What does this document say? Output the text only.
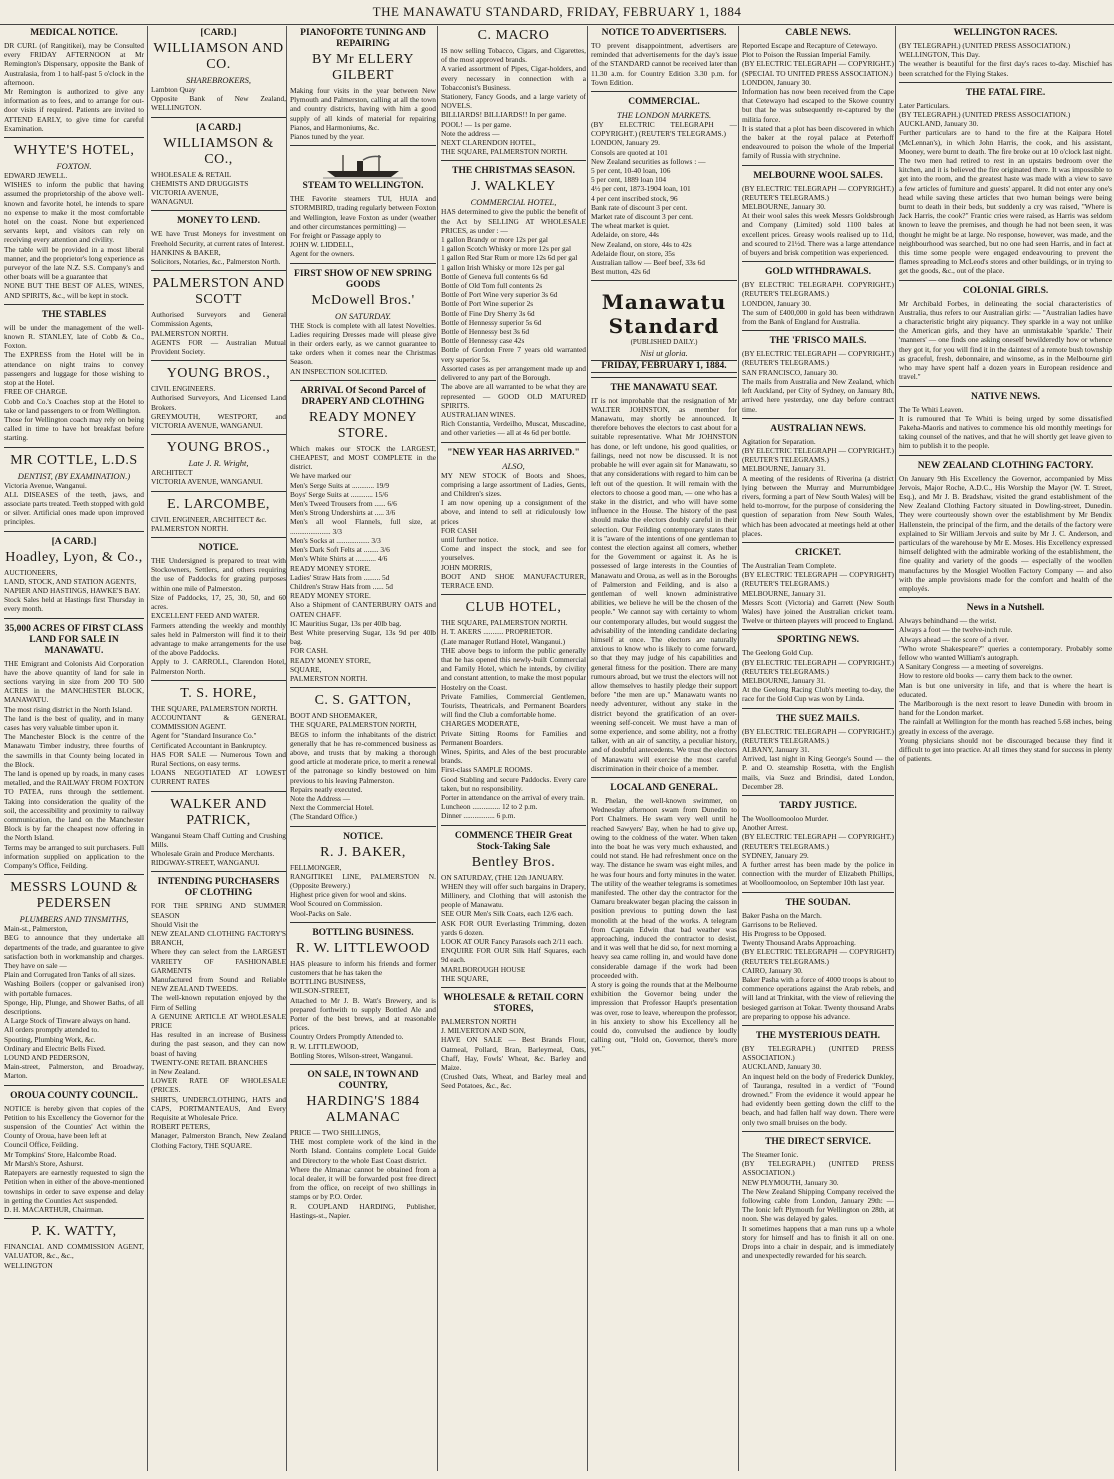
THE MANAWATU STANDARD, FRIDAY, FEBRUARY 1, 1884
MEDICAL NOTICE.
DR CURL (of Rangitikei), may be Consulted every FRIDAY AFTERNOON at Mr Remington's Dispensary, opposite the Bank of Australasia, from 1 to half-past 5 o'clock in the afternoon.
Mr Remington is authorized to give any information as to fees, and to arrange for out-door visits if required. Patients are invited to ATTEND EARLY, to give time for careful Examination.
WHYTE'S HOTEL,
FOXTON.
EDWARD JEWELL.
WISHES to inform the public that having assumed the proprietorship of the above well-known and favorite hotel, he intends to spare no expense to make it the most comfortable hotel on the coast. None but experienced servants kept, and visitors can rely on receiving every attention and civility.
The table will be provided in a most liberal manner, and the proprietor's long experience as purveyor of the late N.Z. S.S. Company's and other boats will be a guarantee that
NONE BUT THE BEST OF ALES, WINES, AND SPIRITS, &c., will be kept in stock.
THE STABLES
will be under the management of the well-known R. STANLEY, late of Cobb & Co., Foxton.
The EXPRESS from the Hotel will be in attendance on night trains to convey passengers and luggage for those wishing to stop at the Hotel.
FREE OF CHARGE.
Cobb and Co.'s Coaches stop at the Hotel to take or land passengers to or from Wellington.
Those for Wellington coach may rely on being called in time to have hot breakfast before starting.
MR COTTLE, L.D.S
DENTIST, (BY EXAMINATION.)
Victoria Avenue, Wanganui.
ALL DISEASES of the teeth, jaws, and associate parts treated. Teeth stopped with gold or silver. Artificial ones made upon improved principles.
[A CARD.]
Hoadley, Lyon, & Co.,
AUCTIONEERS,
LAND, STOCK, AND STATION AGENTS,
NAPIER AND HASTINGS, HAWKE'S BAY.
Stock Sales held at Hastings first Thursday in every month.
35,000 ACRES OF FIRST CLASS LAND FOR SALE IN MANAWATU.
THE Emigrant and Colonists Aid Corporation have the above quantity of land for sale in sections varying in size from 200 TO 500 ACRES in the MANCHESTER BLOCK, MANAWATU.
The most rising district in the North Island.
The land is the best of quality, and in many cases has very valuable timber upon it.
The Manchester Block is the centre of the Manawatu Timber industry, three fourths of the sawmills in that County being located in the Block.
The land is opened up by roads, in many cases metalled, and the RAILWAY FROM FOXTON TO PATEA, runs through the settlement. Taking into consideration the quality of the soil, the accessibility and proximity to railway communication, the land on the Manchester Block is by far the cheapest now offering in the North Island.
Terms may be arranged to suit purchasers. Full information supplied on application to the Company's Office, Feilding.
MESSRS LOUND & PEDERSEN
PLUMBERS AND TINSMITHS,
Main-st., Palmerston,
BEG to announce that they undertake all departments of the trade, and guarantee to give satisfaction both in workmanship and charges. They have on sale —
Plain and Corrugated Iron Tanks of all sizes.
Washing Boilers (copper or galvanised iron) with portable furnaces.
Sponge, Hip, Plunge, and Shower Baths, of all descriptions.
A Large Stock of Tinware always on hand.
All orders promptly attended to.
Spouting, Plumbing Work, &c.
Ordinary and Electric Bells Fixed.
LOUND AND PEDERSON,
Main-street, Palmerston, and Broadway, Marton.
OROUA COUNTY COUNCIL.
NOTICE is hereby given that copies of the Petition to his Excellency the Governor for the suspension of the Counties' Act within the County of Oroua, have been left at
Council Office, Feilding.
Mr Tompkins' Store, Halcombe Road.
Mr Marsh's Store, Ashurst.
Ratepayers are earnestly requested to sign the Petition when in either of the above-mentioned townships in order to save expense and delay in getting the Counties Act suspended.
D. H. MACARTHUR, Chairman.
P. K. WATTY,
FINANCIAL AND COMMISSION AGENT, VALUATOR, &c., &c.,
WELLINGTON
[CARD.]
WILLIAMSON AND CO.
SHAREBROKERS,
Lambton Quay
Opposite Bank of New Zealand, WELLINGTON.
[A CARD.]
WILLIAMSON & CO.,
WHOLESALE & RETAIL
CHEMISTS AND DRUGGISTS
VICTORIA AVENUE,
WANAGNUI.
MONEY TO LEND.
WE have Trust Moneys for investment on Freehold Security, at current rates of Interest.
HANKINS & BAKER,
Solicitors, Notaries, &c., Palmerston North.
PALMERSTON AND SCOTT
Authorised Surveyors and General Commission Agents,
PALMERSTON NORTH.
AGENTS FOR — Australian Mutual Provident Society.
YOUNG BROS.,
CIVIL ENGINEERS.
Authorised Surveyors, And Licensed Land Brokers.
GREYMOUTH, WESTPORT, and VICTORIA AVENUE, WANGANUI.
YOUNG BROS.,
Late J. R. Wright,
ARCHITECT
VICTORIA AVENUE, WANGANUI.
E. LARCOMBE,
CIVIL ENGINEER, ARCHITECT &c.
PALMERSTON NORTH.
NOTICE.
THE Undersigned is prepared to treat with Stockowners, Settlers, and others requiring the use of Paddocks for grazing purposes within one mile of Palmerston.
Size of Paddocks, 17, 25, 30, 50, and 60 acres.
EXCELLENT FEED AND WATER.
Farmers attending the weekly and monthly sales held in Palmerston will find it to their advantage to make arrangements for the use of the above Paddocks.
Apply to J. CARROLL, Clarendon Hotel, Palmerston North.
T. S. HORE,
THE SQUARE, PALMERSTON NORTH.
ACCOUNTANT & GENERAL COMMISSION AGENT.
Agent for "Standard Insurance Co."
Certificated Accountant in Bankruptcy.
HAS FOR SALE — Numerous Town and Rural Sections, on easy terms.
LOANS NEGOTIATED AT LOWEST CURRENT RATES
WALKER AND PATRICK,
Wanganui Steam Chaff Cutting and Crushing Mills.
Wholesale Grain and Produce Merchants.
RIDGWAY-STREET, WANGANUI.
INTENDING PURCHASERS OF CLOTHING
FOR THE SPRING AND SUMMER SEASON
Should Visit the
NEW ZEALAND CLOTHING FACTORY'S BRANCH,
Where they can select from the LARGEST VARIETY OF FASHIONABLE GARMENTS
Manufactured from Sound and Reliable NEW ZEALAND TWEEDS.
The well-known reputation enjoyed by the Firm of Selling
A GENUINE ARTICLE AT WHOLESALE PRICE
Has resulted in an increase of Business during the past season, and they can now boast of having
TWENTY-ONE RETAIL BRANCHES
in New Zealand.
LOWER RATE OF WHOLESALE (PRICES.
SHIRTS, UNDERCLOTHING, HATS and CAPS, PORTMANTEAUS, And Every Requisite at Wholesale Price.
ROBERT PETERS,
Manager, Palmerston Branch, New Zealand Clothing Factory, THE SQUARE.
PIANOFORTE TUNING AND REPAIRING
BY Mr ELLERY GILBERT
Making four visits in the year between New Plymouth and Palmerston, calling at all the town and country districts, having with him a good supply of all kinds of material for repairing Pianos, and Harmoniums, &c.
Pianos tuned by the year.
STEAM TO WELLINGTON.
THE Favorite steamers TUI, HUIA and STORMBIRD, trading regularly between Foxton and Wellington, leave Foxton as under (weather and other circumstances permitting) —
For freight or Passage apply to
JOHN W. LIDDELL,
Agent for the owners.
FIRST SHOW OF NEW SPRING GOODS
McDowell Bros.'
ON SATURDAY.
THE Stock is complete with all latest Novelties. Ladies requiring Dresses made will please give in their orders early, as we cannot guarantee to take orders when it comes near the Christmas Season.
AN INSPECTION SOLICITED.
ARRIVAL Of Second Parcel of DRAPERY AND CLOTHING
READY MONEY STORE.
Which makes our STOCK the LARGEST, CHEAPEST, and MOST COMPLETE in the district.
We have marked our
Men's Serge Suits at ............ 19/9
Boys' Serge Suits at ............ 15/6
Men's Tweed Trousers from ...... 6/6
Men's Strong Undershirts at ..... 3/6
Men's all wool Flannels, full size, at ...................... 3/3
Men's Socks at .................. 3/3
Men's Dark Soft Felts at ........ 3/6
Men's White Shirts at ........... 4/6
READY MONEY STORE.
Ladies' Straw Hats from ......... 5d
Children's Straw Hats from ...... 5d
READY MONEY STORE.
Also a Shipment of CANTERBURY OATS and OATEN CHAFF.
IC Mauritius Sugar, 13s per 40lb bag.
Best White preserving Sugar, 13s 9d per 40lb bag.
FOR CASH.
READY MONEY STORE,
SQUARE,
PALMERSTON NORTH.
C. S. GATTON,
BOOT AND SHOEMAKER,
THE SQUARE, PALMERSTON NORTH,
BEGS to inform the inhabitants of the district generally that he has re-commenced business as above, and trusts that by making a thorough good article at moderate price, to merit a renewal of the patronage so kindly bestowed on him previous to his leaving Palmerston.
Repairs neatly executed.
Note the Address —
Next the Commercial Hotel.
(The Standard Office.)
NOTICE.
R. J. BAKER,
FELLMONGER,
RANGITIKEI LINE, PALMERSTON N. (Opposite Brewery.)
Highest price given for wool and skins.
Wool Scoured on Commission.
Wool-Packs on Sale.
BOTTLING BUSINESS.
R. W. LITTLEWOOD
HAS pleasure to inform his friends and former customers that he has taken the
BOTTLING BUSINESS,
WILSON-STREET,
Attached to Mr J. B. Watt's Brewery, and is prepared forthwith to supply Bottled Ale and Porter of the best brews, and at reasonable prices.
Country Orders Promptly Attended to.
R. W. LITTLEWOOD,
Bottling Stores, Wilson-street, Wanganui.
ON SALE, IN TOWN AND COUNTRY,
HARDING'S 1884 ALMANAC
PRICE — TWO SHILLINGS,
THE most complete work of the kind in the North Island. Contains complete Local Guide and Directory to the whole East Coast district.
Where the Almanac cannot be obtained from a local dealer, it will be forwarded post free direct from the office, on receipt of two shillings in stamps or by P.O. Order.
R. COUPLAND HARDING, Publisher, Hastings-st., Napier.
C. MACRO
IS now selling Tobacco, Cigars, and Cigarettes, of the most approved brands.
A varied assortment of Pipes, Cigar-holders, and every necessary in connection with a Tobacconist's Business.
Stationery, Fancy Goods, and a large variety of NOVELS.
BILLIARDS! BILLIARDS!! In per game.
POOL! — 1s per game.
Note the address —
NEXT CLARENDON HOTEL,
THE SQUARE, PALMERSTON NORTH.
THE CHRISTMAS SEASON.
J. WALKLEY
COMMERCIAL HOTEL,
HAS determined to give the public the benefit of the Act by SELLING AT WHOLESALE PRICES, as under : —
1 gallon Brandy or more 12s per gal
1 gallon Scotch Whisky or more 12s per gal
1 gallon Red Star Rum or more 12s 6d per gal
1 gallon Irish Whisky or more 12s per gal
Bottle of Geneva full contents 6s 6d
Bottle of Old Tom full contents 2s
Bottle of Port Wine very superior 3s 6d
Bottle of Port Wine superior 2s
Bottle of Fine Dry Sherry 3s 6d
Bottle of Hennessy superior 5s 6d
Bottle of Hennessy best 3s 6d
Bottle of Hennessy case 42s
Bottle of Gordon Frere 7 years old warranted very superior 5s.
Assorted cases as per arrangement made up and delivered to any part of the Borough.
The above are all warranted to be what they are represented — GOOD OLD MATURED SPIRITS.
AUSTRALIAN WINES.
Rich Constantia, Verdeilho, Muscat, Muscadine, and other varieties — all at 4s 6d per bottle.
"NEW YEAR HAS ARRIVED."
ALSO,
MY NEW STOCK of Boots and Shoes, comprising a large assortment of Ladies, Gents, and Children's sizes.
I am now opening up a consignment of the above, and intend to sell at ridiculously low prices
FOR CASH
until further notice.
Come and inspect the stock, and see for yourselves.
JOHN MORRIS,
BOOT AND SHOE MANUFACTURER, TERRACE END.
CLUB HOTEL,
THE SQUARE, PALMERSTON NORTH.
H. T. AKERS ........... PROPRIETOR.
(Late manager Rutland Hotel, Wanganui.)
THE above begs to inform the public generally that he has opened this newly-built Commercial and Family Hotel, which he intends, by civility and constant attention, to make the most popular Hostelry on the Coast.
Private Families, Commercial Gentlemen, Tourists, Theatricals, and Permanent Boarders will find the Club a comfortable home.
CHARGES MODERATE,
Private Sitting Rooms for Families and Permanent Boarders.
Wines, Spirits, and Ales of the best procurable brands.
First-class SAMPLE ROOMS.
Good Stabling and secure Paddocks. Every care taken, but no responsibility.
Porter in attendance on the arrival of every train.
Luncheon ............... 12 to 2 p.m.
Dinner ................. 6 p.m.
COMMENCE THEIR Great Stock-Taking Sale
Bentley Bros.
ON SATURDAY, (THE 12th JANUARY.
WHEN they will offer such bargains in Drapery, Millinery, and Clothing that will astonish the people of Manawatu.
SEE OUR Men's Silk Coats, each 12/6 each.
ASK FOR OUR Everlasting Trimming, dozen yards 6 dozen.
LOOK AT OUR Fancy Parasols each 2/11 each.
ENQUIRE FOR OUR Silk Half Squares, each 9d each.
MARLBOROUGH HOUSE
THE SQUARE,
WHOLESALE & RETAIL CORN STORES,
PALMERSTON NORTH
J. MILVERTON AND SON,
HAVE ON SALE — Best Brands Flour, Oatmeal, Pollard, Bran, Barleymeal, Oats, Chaff, Hay, Fowls' Wheat, &c. Barley and Maize.
(Crushed Oats, Wheat, and Barley meal and Seed Potatoes, &c., &c.
NOTICE TO ADVERTISERS.
TO prevent disappointment, advertisers are reminded that advertisements for the day's issue of the STANDARD cannot be received later than 11.30 a.m. for Country Edition 3.30 p.m. for Town Edition.
COMMERCIAL.
THE LONDON MARKETS.
(BY ELECTRIC TELEGRAPH — COPYRIGHT.) (REUTER'S TELEGRAMS.)
LONDON, January 29.
Consols are quoted at 101
New Zealand securities as follows : —
5 per cent, 10-40 loan, 106
5 per cent, 1889 loan 104
4½ per cent, 1873-1904 loan, 101
4 per cent inscribed stock, 96
Bank rate of discount 3 per cent.
Market rate of discount 3 per cent.
The wheat market is quiet.
Adelaide, on store, 44s
New Zealand, on store, 44s to 42s
Adelaide flour, on store, 35s
Australian tallow — Beef beef, 33s 6d
Best mutton, 42s 6d
Manawatu Standard
(PUBLISHED DAILY.)
Nisi ut gloria.
FRIDAY, FEBRUARY 1, 1884.
THE MANAWATU SEAT.
IT is not improbable that the resignation of Mr WALTER JOHNSTON, as member for Manawatu, may shortly be announced. It therefore behoves the electors to cast about for a suitable representative. What Mr JOHNSTON has done, or left undone, his good qualities, or failings, need not now be discussed. It is not probable he will ever again sit for Manawatu, so that any considerations with regard to him can be left out of the question. It will remain with the electors to choose a good man, — one who has a stake in the district, and who will have some influence in the House. The history of the past should make the electors doubly careful in their selection. Our Feilding contemporary states that it is "aware of the intentions of one gentleman to contest the election against all comers, whether for the Government or against it. As he is possessed of large interests in the Counties of Manawatu and Oroua, as well as in the Boroughs of Palmerston and Feilding, and is also a gentleman of well known administrative abilities, we believe he will be the chosen of the people." We cannot say with certainty to whom our contemporary alludes, but would suggest the advisability of the intending candidate declaring himself at once. The electors are naturally anxious to know who is likely to come forward, so that they may judge of his capabilities and general fitness for the position. There are many rumours abroad, but we trust the electors will not allow themselves to hastily pledge their support before "the men are up." Manawatu wants no needy adventurer, without any stake in the district beyond the gratification of an over-weening self-conceit. We must have a man of some experience, and some ability, not a frothy talker, with an air of sanctity, a peculiar history, and of doubtful antecedents. We trust the electors of Manawatu will exercise the most careful discrimination in their choice of a member.
LOCAL AND GENERAL.
R. Phelan, the well-known swimmer, on Wednesday afternoon swam from Dunedin to Port Chalmers. He swam very well until he reached Sawyers' Bay, when he had to give up, owing to the coldness of the water. When taken into the boat he was very much exhausted, and could not stand. He had refreshment once on the way. The distance he swam was eight miles, and he was four hours and forty minutes in the water.
The utility of the weather telegrams is sometimes manifested. The other day the contractor for the Oamaru breakwater began placing the caisson in position previous to putting down the last monolith at the head of the works. A telegram from Captain Edwin that bad weather was approaching, induced the contractor to desist, and it was well that he did so, for next morning a heavy sea came rolling in, and would have done considerable damage if the work had been proceeded with.
A story is going the rounds that at the Melbourne exhibition the Governor being under the impression that Professor Haupt's presentation was over, rose to leave, whereupon the professor, in his anxiety to show his Excellency all he could do, convulsed the audience by loudly calling out, "Hold on, Governor, there's more yet."
CABLE NEWS.
Reported Escape and Recapture of Cetewayo.
Plot to Poison the Russian Imperial Family.
(BY ELECTRIC TELEGRAPH — COPYRIGHT.) (SPECIAL TO UNITED PRESS ASSOCIATION.)
LONDON, January 30.
Information has now been received from the Cape that Cetewayo had escaped to the Skowe country but that he was subsequently re-captured by the militia force.
It is stated that a plot has been discovered in which the baker at the royal palace at Peterhoff endeavoured to poison the whole of the Imperial family of Russia with strychnine.
MELBOURNE WOOL SALES.
(BY ELECTRIC TELEGRAPH — COPYRIGHT.) (REUTER'S TELEGRAMS.)
MELBOURNE, January 30.
At their wool sales this week Messrs Goldsbrough and Company (Limited) sold 1100 bales at excellent prices. Greasy wools realised up to 11d, and scoured to 21½d. There was a large attendance of buyers and brisk competition was experienced.
GOLD WITHDRAWALS.
(BY ELECTRIC TELEGRAPH. COPYRIGHT.) (REUTER'S TELEGRAMS.)
LONDON, January 30.
The sum of £400,000 in gold has been withdrawn from the Bank of England for Australia.
THE 'FRISCO MAILS.
(BY ELECTRIC TELEGRAPH — COPYRIGHT.) (REUTER'S TELEGRAMS.)
SAN FRANCISCO, January 30.
The mails from Australia and New Zealand, which left Auckland, per City of Sydney, on January 8th, arrived here yesterday, one day before contract time.
AUSTRALIAN NEWS.
Agitation for Separation.
(BY ELECTRIC TELEGRAPH — COPYRIGHT.) (REUTER'S TELEGRAMS.)
MELBOURNE, January 31.
A meeting of the residents of Riverina (a district lying between the Murray and Murrumbidgee rivers, forming a part of New South Wales) will be held to-morrow, for the purpose of considering the question of separation from New South Wales, which has been advocated at meetings held at other places.
CRICKET.
The Australian Team Complete.
(BY ELECTRIC TELEGRAPH — COPYRIGHT) (REUTER'S TELEGRAMS.)
MELBOURNE, January 31.
Messrs Scott (Victoria) and Garrett (New South Wales) have joined the Australian cricket team. Twelve or thirteen players will proceed to England.
SPORTING NEWS.
The Geelong Gold Cup.
(BY ELECTRIC TELEGRAPH — COPYRIGHT.) (REUTER'S TELEGRAMS.)
MELBOURNE, January 31.
At the Geelong Racing Club's meeting to-day, the race for the Gold Cup was won by Linda.
THE SUEZ MAILS.
(BY ELECTRIC TELEGRAPH — COPYRIGHT.) (REUTER'S TELEGRAMS.)
ALBANY, January 31.
Arrived, last night in King George's Sound — the P. and O. steamship Rosetta, with the English mails, via Suez and Brindisi, dated London, December 28.
TARDY JUSTICE.
The Woolloomooloo Murder.
Another Arrest.
(BY ELECTRIC TELEGRAPH — COPYRIGHT.) (REUTER'S TELEGRAMS.)
SYDNEY, January 29.
A further arrest has been made by the police in connection with the murder of Elizabeth Phillips, at Woolloomooloo, on September 10th last year.
THE SOUDAN.
Baker Pasha on the March.
Garrisons to be Relieved.
His Progress to be Opposed.
Twenty Thousand Arabs Approaching.
(BY ELECTRIC TELEGRAPH — COPYRIGHT) (REUTER'S TELEGRAMS.)
CAIRO, January 30.
Baker Pasha with a force of 4000 troops is about to commence operations against the Arab rebels, and will land at Trinkitat, with the view of relieving the besieged garrison at Tokar. Twenty thousand Arabs are preparing to oppose his advance.
THE MYSTERIOUS DEATH.
(BY TELEGRAPH.) (UNITED PRESS ASSOCIATION.)
AUCKLAND, January 30.
An inquest held on the body of Frederick Dunkley, of Tauranga, resulted in a verdict of "Found drowned." From the evidence it would appear he had evidently been getting down the cliff to the beach, and had fallen half way down. There were only two small bruises on the body.
THE DIRECT SERVICE.
The Steamer Ionic.
(BY TELEGRAPH.) (UNITED PRESS ASSOCIATION.)
NEW PLYMOUTH, January 30.
The New Zealand Shipping Company received the following cable from London, January 29th: — The Ionic left Plymouth for Wellington on 28th, at noon. She was delayed by gales.
It sometimes happens that a man runs up a whole story for himself and has to finish it all on one. Drops into a chair in despair, and is immediately and unexpectedly rewarded for his search.
WELLINGTON RACES.
(BY TELEGRAPH.) (UNITED PRESS ASSOCIATION.)
WELLINGTON, This Day.
The weather is beautiful for the first day's races to-day. Mischief has been scratched for the Flying Stakes.
THE FATAL FIRE.
Later Particulars.
(BY TELEGRAPH.) (UNITED PRESS ASSOCIATION.)
AUCKLAND, January 30.
Further particulars are to hand to the fire at the Kaipara Hotel (McLennan's), in which John Harris, the cook, and his assistant, Mooney, were burnt to death. The fire broke out at 10 o'clock last night. The two men had retired to rest in an upstairs bedroom over the kitchen, and it is believed the fire originated there. It was impossible to get into the room, and the greatest haste was made with a view to save a few articles of furniture and guests' apparel. It did not enter any one's head while saving these articles that two human beings were being burnt to death in their beds, but suddenly a cry was raised, "Where is Jack Harris, the cook?" Frantic cries were raised, as Harris was seldom known to leave the premises, and though he had not been seen, it was thought he might be at large. No response, however, was made, and the neighbourhood was searched, but no one had seen Harris, and in fact at this time some people were engaged endeavouring to prevent the flames spreading to McLeod's stores and other buildings, or in trying to get the goods, &c., out of the place.
COLONIAL GIRLS.
Mr Archibald Forbes, in delineating the social characteristics of Australia, thus refers to our Australian girls: — "Australian ladies have a characteristic bright airy piquancy. They sparkle in a way not unlike the American girls, and they have an unmistakable 'sparkle.' Their 'manners' — one finds one asking oneself bewilderedly how or whence they got it, for you will find it in the daintest of a remote bush township as graceful, fresh, debonnaire, and winsome, as in the Melbourne girl who may have spent half a dozen years in European residence and travel."
NATIVE NEWS.
The Te Whiti Leaven.
It is rumoured that Te Whiti is being urged by some dissatisfied Pakeha-Maoris and natives to commence his old monthly meetings for taking counsel of the natives, and that he will shortly get leave given to him to publish it to the people.
NEW ZEALAND CLOTHING FACTORY.
On January 9th His Excellency the Governor, accompanied by Miss Jervois, Major Roche, A.D.C., His Worship the Mayor (W. T. Street, Esq.), and Mr J. B. Bradshaw, visited the grand establishment of the New Zealand Clothing Factory situated in Dowling-street, Dunedin. They were courteously shown over the establishment by Mr Bendix Hallenstein, the principal of the firm, and the details of the factory were explained to Sir William Jervois and suite by Mr J. C. Anderson, and particulars of the warehouse by Mr E. Moses. His Excellency expressed himself delighted with the admirable working of the establishment, the fine quality and variety of the goods — especially of the woollen manufactures by the Mosgiel Woollen Factory Company — and also with the ample provisions made for the comfort and health of the employés.
News in a Nutshell.
Always behindhand — the wrist.
Always a foot — the twelve-inch rule.
Always ahead — the score of a river.
"Who wrote Shakespeare?" queries a contemporary. Probably some fellow who wanted William's autograph.
A Sanitary Congress — a meeting of sovereigns.
How to restore old books — carry them back to the owner.
Man is but one university in life, and that is where the heart is educated.
The Marlborough is the next resort to leave Dunedin with broom in hand for the London market.
The rainfall at Wellington for the month has reached 5.68 inches, being greatly in excess of the average.
Young physicians should not be discouraged because they find it difficult to get into practice. At all times they stand for success in plenty of patients.
